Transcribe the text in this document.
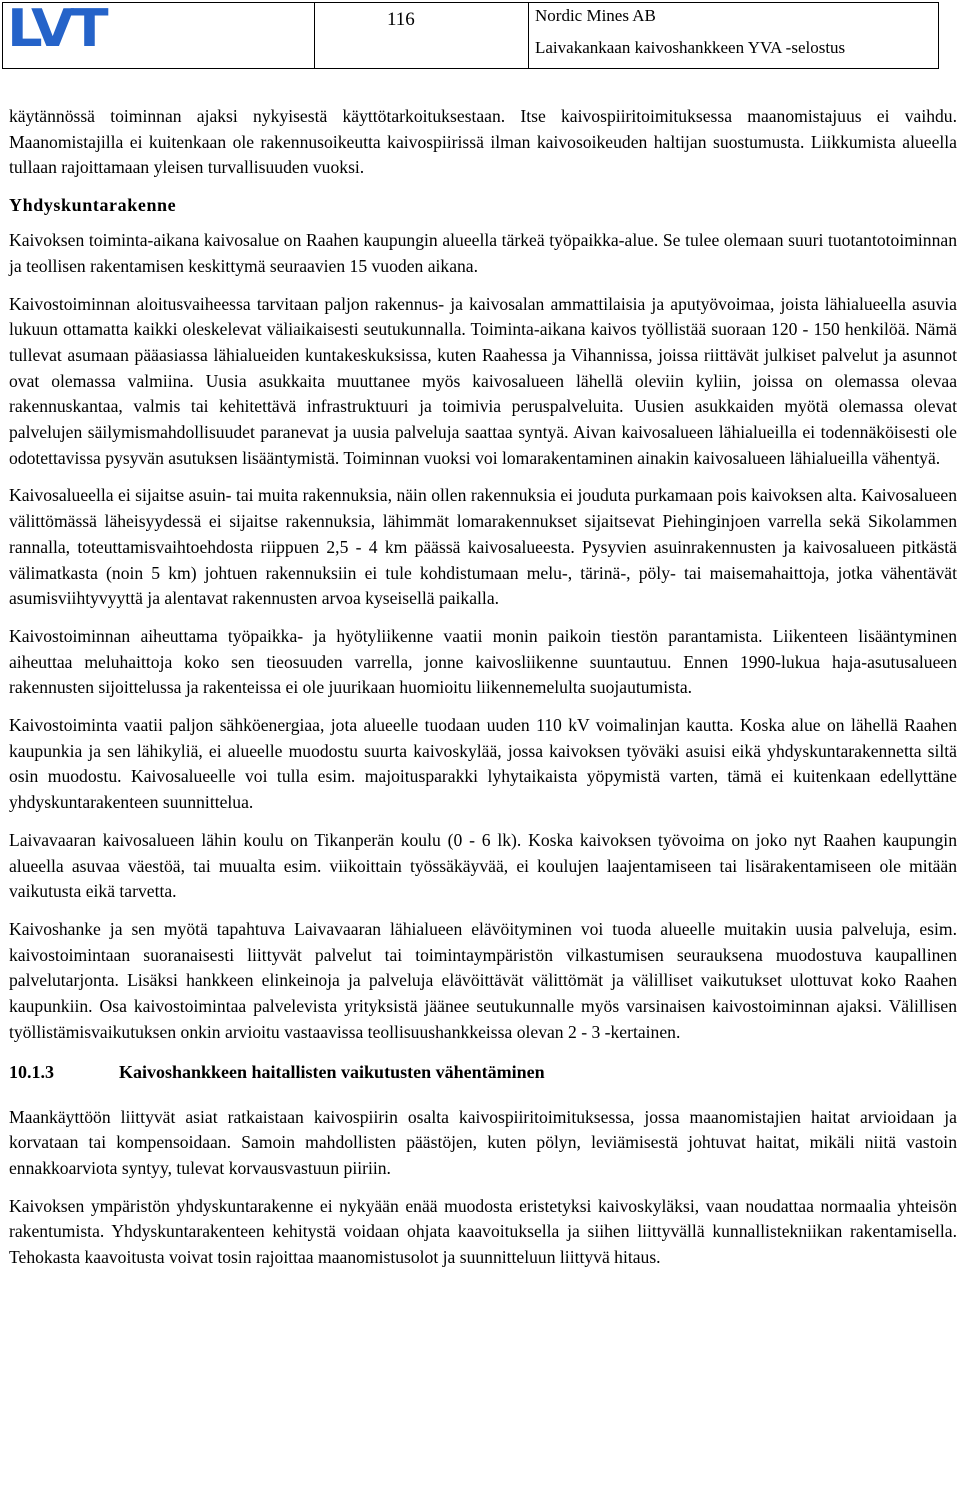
LVT	116	Nordic Mines AB
Laivakankaan kaivoshankkeen YVA -selostus

käytännössä toiminnan ajaksi nykyisestä käyttötarkoituksestaan. Itse kaivospiiritoimituksessa maanomistajuus ei vaihdu. Maanomistajilla ei kuitenkaan ole rakennusoikeutta kaivospiirissä ilman kaivosoikeuden haltijan suostumusta. Liikkumista alueella tullaan rajoittamaan yleisen turvallisuuden vuoksi.

Yhdyskuntarakenne

Kaivoksen toiminta-aikana kaivosalue on Raahen kaupungin alueella tärkeä työpaikka-alue. Se tulee olemaan suuri tuotantotoiminnan ja teollisen rakentamisen keskittymä seuraavien 15 vuoden aikana.

Kaivostoiminnan aloitusvaiheessa tarvitaan paljon rakennus- ja kaivosalan ammattilaisia ja aputyövoimaa, joista lähialueella asuvia lukuun ottamatta kaikki oleskelevat väliaikaisesti seutukunnalla. Toiminta-aikana kaivos työllistää suoraan 120 - 150 henkilöä. Nämä tullevat asumaan pääasiassa lähialueiden kuntakeskuksissa, kuten Raahessa ja Vihannissa, joissa riittävät julkiset palvelut ja asunnot ovat olemassa valmiina. Uusia asukkaita muuttanee myös kaivosalueen lähellä oleviin kyliin, joissa on olemassa olevaa rakennuskantaa, valmis tai kehitettävä infrastruktuuri ja toimivia peruspalveluita. Uusien asukkaiden myötä olemassa olevat palvelujen säilymismahdollisuudet paranevat ja uusia palveluja saattaa syntyä. Aivan kaivosalueen lähialueilla ei todennäköisesti ole odotettavissa pysyvän asutuksen lisääntymistä. Toiminnan vuoksi voi lomarakentaminen ainakin kaivosalueen lähialueilla vähentyä.

Kaivosalueella ei sijaitse asuin- tai muita rakennuksia, näin ollen rakennuksia ei jouduta purkamaan pois kaivoksen alta. Kaivosalueen välittömässä läheisyydessä ei sijaitse rakennuksia, lähimmät lomarakennukset sijaitsevat Piehinginjoen varrella sekä Sikolammen rannalla, toteuttamisvaihtoehdosta riippuen 2,5 - 4 km päässä kaivosalueesta. Pysyvien asuinrakennusten ja kaivosalueen pitkästä välimatkasta (noin 5 km) johtuen rakennuksiin ei tule kohdistumaan melu-, tärinä-, pöly- tai maisemahaittoja, jotka vähentävät asumisviihtyvyyttä ja alentavat rakennusten arvoa kyseisellä paikalla.

Kaivostoiminnan aiheuttama työpaikka- ja hyötyliikenne vaatii monin paikoin tiestön parantamista. Liikenteen lisääntyminen aiheuttaa meluhaittoja koko sen tieosuuden varrella, jonne kaivosliikenne suuntautuu. Ennen 1990-lukua haja-asutusalueen rakennusten sijoittelussa ja rakenteissa ei ole juurikaan huomioitu liikennemelulta suojautumista.

Kaivostoiminta vaatii paljon sähköenergiaa, jota alueelle tuodaan uuden 110 kV voimalinjan kautta. Koska alue on lähellä Raahen kaupunkia ja sen lähikyliä, ei alueelle muodostu suurta kaivoskylää, jossa kaivoksen työväki asuisi eikä yhdyskuntarakennetta siltä osin muodostu. Kaivosalueelle voi tulla esim. majoitusparakki lyhytaikaista yöpymistä varten, tämä ei kuitenkaan edellyttäne yhdyskuntarakenteen suunnittelua.

Laivavaaran kaivosalueen lähin koulu on Tikanperän koulu (0 - 6 lk). Koska kaivoksen työvoima on joko nyt Raahen kaupungin alueella asuvaa väestöä, tai muualta esim. viikoittain työssäkäyvää, ei koulujen laajentamiseen tai lisärakentamiseen ole mitään vaikutusta eikä tarvetta.

Kaivoshanke ja sen myötä tapahtuva Laivavaaran lähialueen elävöityminen voi tuoda alueelle muitakin uusia palveluja, esim. kaivostoimintaan suoranaisesti liittyvät palvelut tai toimintaympäristön vilkastumisen seurauksena muodostuva kaupallinen palvelutarjonta. Lisäksi hankkeen elinkeinoja ja palveluja elävöittävät välittömät ja välilliset vaikutukset ulottuvat koko Raahen kaupunkiin. Osa kaivostoimintaa palvelevista yrityksistä jäänee seutukunnalle myös varsinaisen kaivostoiminnan ajaksi. Välillisen työllistämisvaikutuksen onkin arvioitu vastaavissa teollisuushankkeissa olevan 2 - 3 -kertainen.

10.1.3	Kaivoshankkeen haitallisten vaikutusten vähentäminen

Maankäyttöön liittyvät asiat ratkaistaan kaivospiirin osalta kaivospiiritoimituksessa, jossa maanomistajien haitat arvioidaan ja korvataan tai kompensoidaan. Samoin mahdollisten päästöjen, kuten pölyn, leviämisestä johtuvat haitat, mikäli niitä vastoin ennakkoarviota syntyy, tulevat korvausvastuun piiriin.

Kaivoksen ympäristön yhdyskuntarakenne ei nykyään enää muodosta eristetyksi kaivoskyläksi, vaan noudattaa normaalia yhteisön rakentumista. Yhdyskuntarakenteen kehitystä voidaan ohjata kaavoituksella ja siihen liittyvällä kunnallistekniikan rakentamisella. Tehokasta kaavoitusta voivat tosin rajoittaa maanomistusolot ja suunnitteluun liittyvä hitaus.
